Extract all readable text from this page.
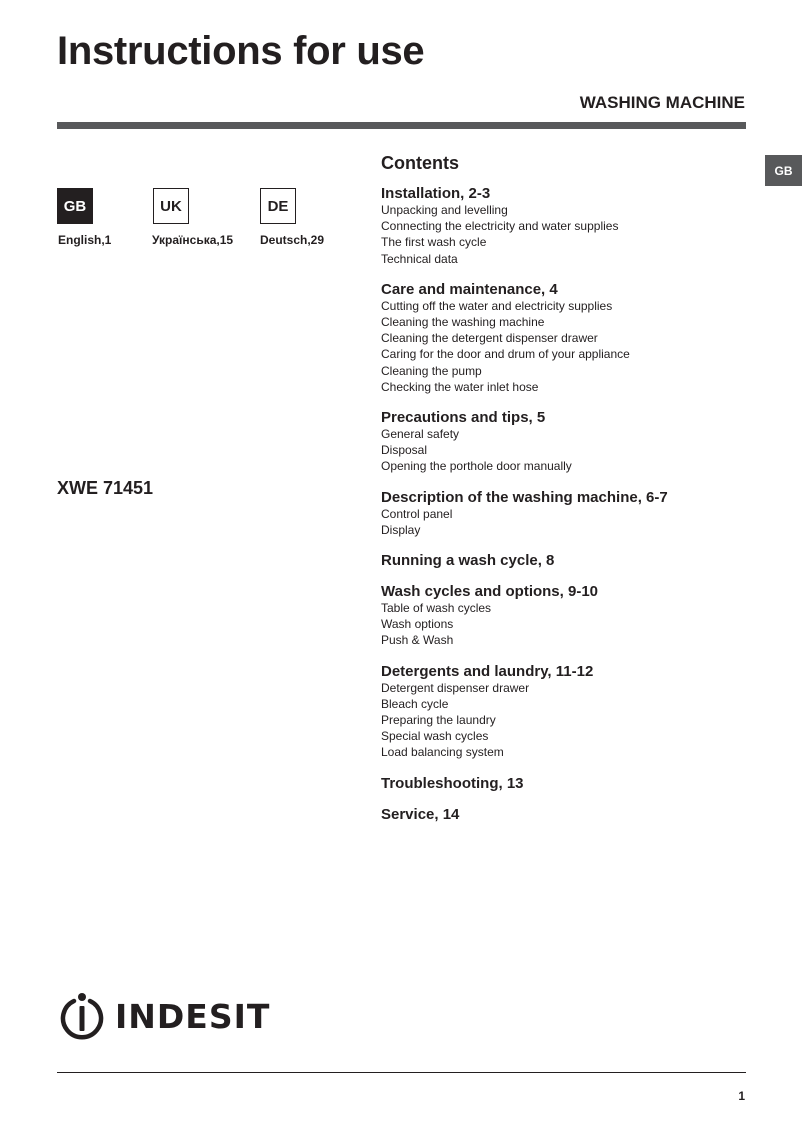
Instructions for use
WASHING MACHINE
GB
GB
English,1
UK
Українська,15
DE
Deutsch,29
XWE 71451
Contents
Installation, 2-3
Unpacking and levelling
Connecting the electricity and water supplies
The first wash cycle
Technical data
Care and maintenance, 4
Cutting off the water and electricity supplies
Cleaning the washing machine
Cleaning the detergent dispenser drawer
Caring for the door and drum of your appliance
Cleaning the pump
Checking the water inlet hose
Precautions and tips, 5
General safety
Disposal
Opening the porthole door manually
Description of the washing machine, 6-7
Control panel
Display
Running a wash cycle, 8
Wash cycles and options, 9-10
Table of wash cycles
Wash options
Push & Wash
Detergents and laundry, 11-12
Detergent dispenser drawer
Bleach cycle
Preparing the laundry
Special wash cycles
Load balancing system
Troubleshooting, 13
Service, 14
INDESIT
1
